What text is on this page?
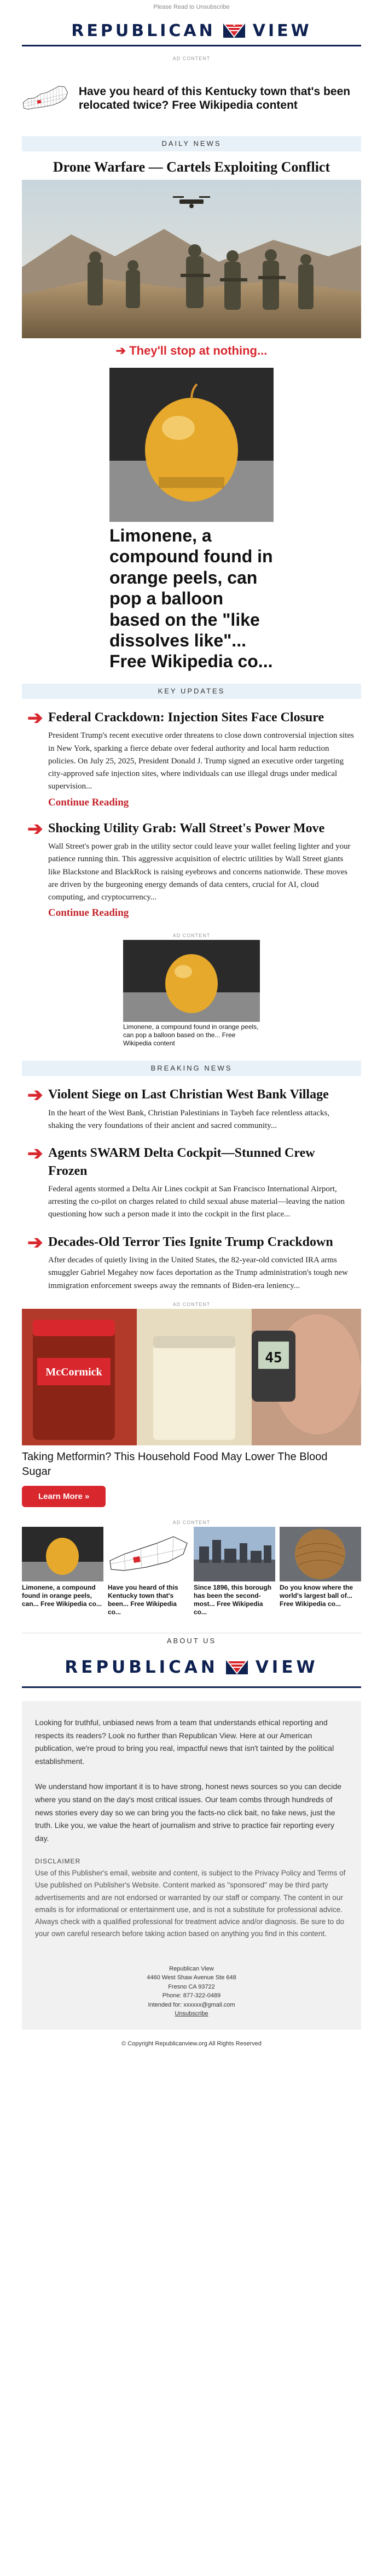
Please Read to Unsubscribe
REPUBLICAN VIEW
AD CONTENT
Have you heard of this Kentucky town that's been relocated twice? Free Wikipedia content
DAILY NEWS
Drone Warfare — Cartels Exploiting Conflict
➔ They'll stop at nothing...
Limonene, a compound found in orange peels, can pop a balloon based on the "like dissolves like"... Free Wikipedia co...
KEY UPDATES
➔ Federal Crackdown: Injection Sites Face Closure

President Trump's recent executive order threatens to close down controversial injection sites in New York, sparking a fierce debate over federal authority and local harm reduction policies. On July 25, 2025, President Donald J. Trump signed an executive order targeting city-approved safe injection sites, where individuals can use illegal drugs under medical supervision...

Continue Reading
➔ Shocking Utility Grab: Wall Street's Power Move

Wall Street's power grab in the utility sector could leave your wallet feeling lighter and your patience running thin. This aggressive acquisition of electric utilities by Wall Street giants like Blackstone and BlackRock is raising eyebrows and concerns nationwide. These moves are driven by the burgeoning energy demands of data centers, crucial for AI, cloud computing, and cryptocurrency...

Continue Reading
AD CONTENT
Limonene, a compound found in orange peels, can pop a balloon based on the... Free Wikipedia content
BREAKING NEWS
➔ Violent Siege on Last Christian West Bank Village

In the heart of the West Bank, Christian Palestinians in Taybeh face relentless attacks, shaking the very foundations of their ancient and sacred community...

➔ Agents SWARM Delta Cockpit—Stunned Crew Frozen

Federal agents stormed a Delta Air Lines cockpit at San Francisco International Airport, arresting the co-pilot on charges related to child sexual abuse material—leaving the nation questioning how such a person made it into the cockpit in the first place...

➔ Decades-Old Terror Ties Ignite Trump Crackdown

After decades of quietly living in the United States, the 82-year-old convicted IRA arms smuggler Gabriel Megahey now faces deportation as the Trump administration's tough new immigration enforcement sweeps away the remnants of Biden-era leniency...

AD CONTENT
McCormick
45
Taking Metformin? This Household Food May Lower The Blood Sugar
Learn More »
AD CONTENT
Limonene, a compound found in orange peels, can... Free Wikipedia co...
Have you heard of this Kentucky town that's been... Free Wikipedia co...
Since 1896, this borough has been the second-most... Free Wikipedia co...
Do you know where the world's largest ball of... Free Wikipedia co...
ABOUT US
REPUBLICAN VIEW

Looking for truthful, unbiased news from a team that understands ethical reporting and respects its readers? Look no further than Republican View. Here at our American publication, we're proud to bring you real, impactful news that isn't tainted by the political establishment.

We understand how important it is to have strong, honest news sources so you can decide where you stand on the day's most critical issues. Our team combs through hundreds of news stories every day so we can bring you the facts-no click bait, no fake news, just the truth. Like you, we value the heart of journalism and strive to practice fair reporting every day.

DISCLAIMER

Use of this Publisher's email, website and content, is subject to the Privacy Policy and Terms of Use published on Publisher's Website. Content marked as "sponsored" may be third party advertisements and are not endorsed or warranted by our staff or company. The content in our emails is for informational or entertainment use, and is not a substitute for professional advice. Always check with a qualified professional for treatment advice and/or diagnosis. Be sure to do your own careful research before taking action based on anything you find in this content.

Republican View
4460 West Shaw Avenue Ste 648
Fresno CA 93722
Phone: 877-322-0489
Intended for: xxxxxx@gmail.com
Unsubscribe
© Copyright Republicanview.org All Rights Reserved
